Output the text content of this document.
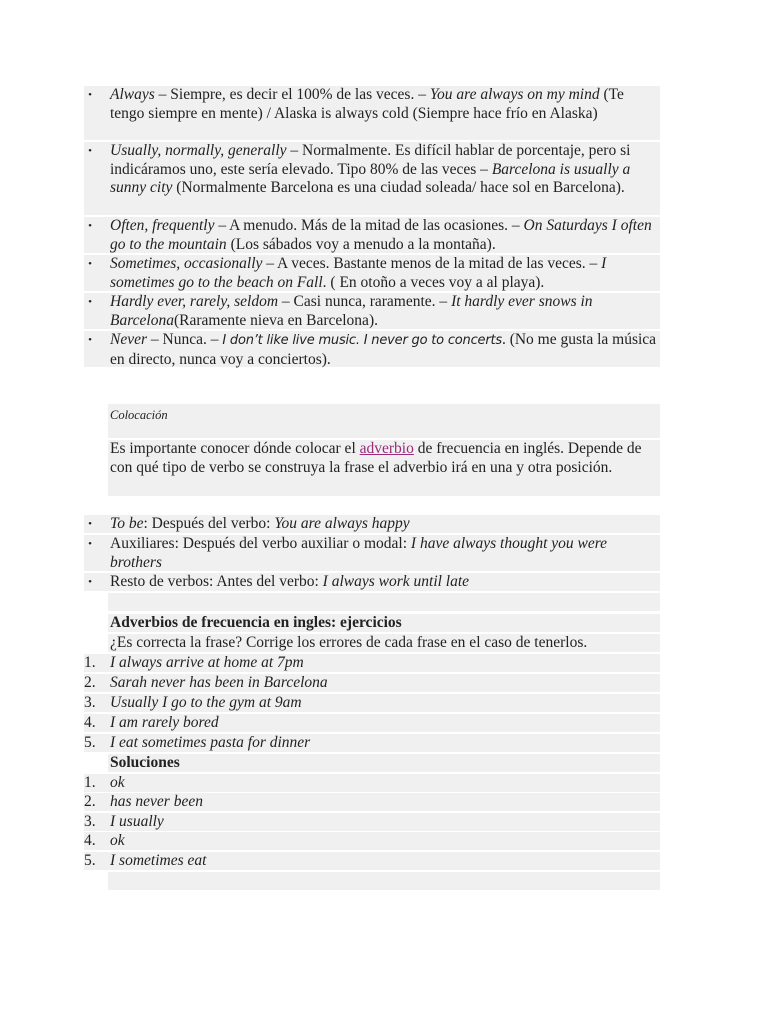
• Always – Siempre, es decir el 100% de las veces. – You are always on my mind (Te tengo siempre en mente) / Alaska is always cold (Siempre hace frío en Alaska)
• Usually, normally, generally – Normalmente. Es difícil hablar de porcentaje, pero si indicáramos uno, este sería elevado. Tipo 80% de las veces – Barcelona is usually a sunny city (Normalmente Barcelona es una ciudad soleada/ hace sol en Barcelona).
• Often, frequently – A menudo. Más de la mitad de las ocasiones. – On Saturdays I often go to the mountain (Los sábados voy a menudo a la montaña).
• Sometimes, occasionally – A veces. Bastante menos de la mitad de las veces. – I sometimes go to the beach on Fall. ( En otoño a veces voy a al playa).
• Hardly ever, rarely, seldom – Casi nunca, raramente. – It hardly ever snows in Barcelona(Raramente nieva en Barcelona).
• Never – Nunca. – I don’t like live music. I never go to concerts. (No me gusta la música en directo, nunca voy a conciertos).
Colocación
Es importante conocer dónde colocar el adverbio de frecuencia en inglés. Depende de con qué tipo de verbo se construya la frase el adverbio irá en una y otra posición.
• To be: Después del verbo: You are always happy
• Auxiliares: Después del verbo auxiliar o modal: I have always thought you were brothers
• Resto de verbos: Antes del verbo: I always work until late
Adverbios de frecuencia en ingles: ejercicios
¿Es correcta la frase? Corrige los errores de cada frase en el caso de tenerlos.
1. I always arrive at home at 7pm
2. Sarah never has been in Barcelona
3. Usually I go to the gym at 9am
4. I am rarely bored
5. I eat sometimes pasta for dinner
Soluciones
1. ok
2. has never been
3. I usually
4. ok
5. I sometimes eat
